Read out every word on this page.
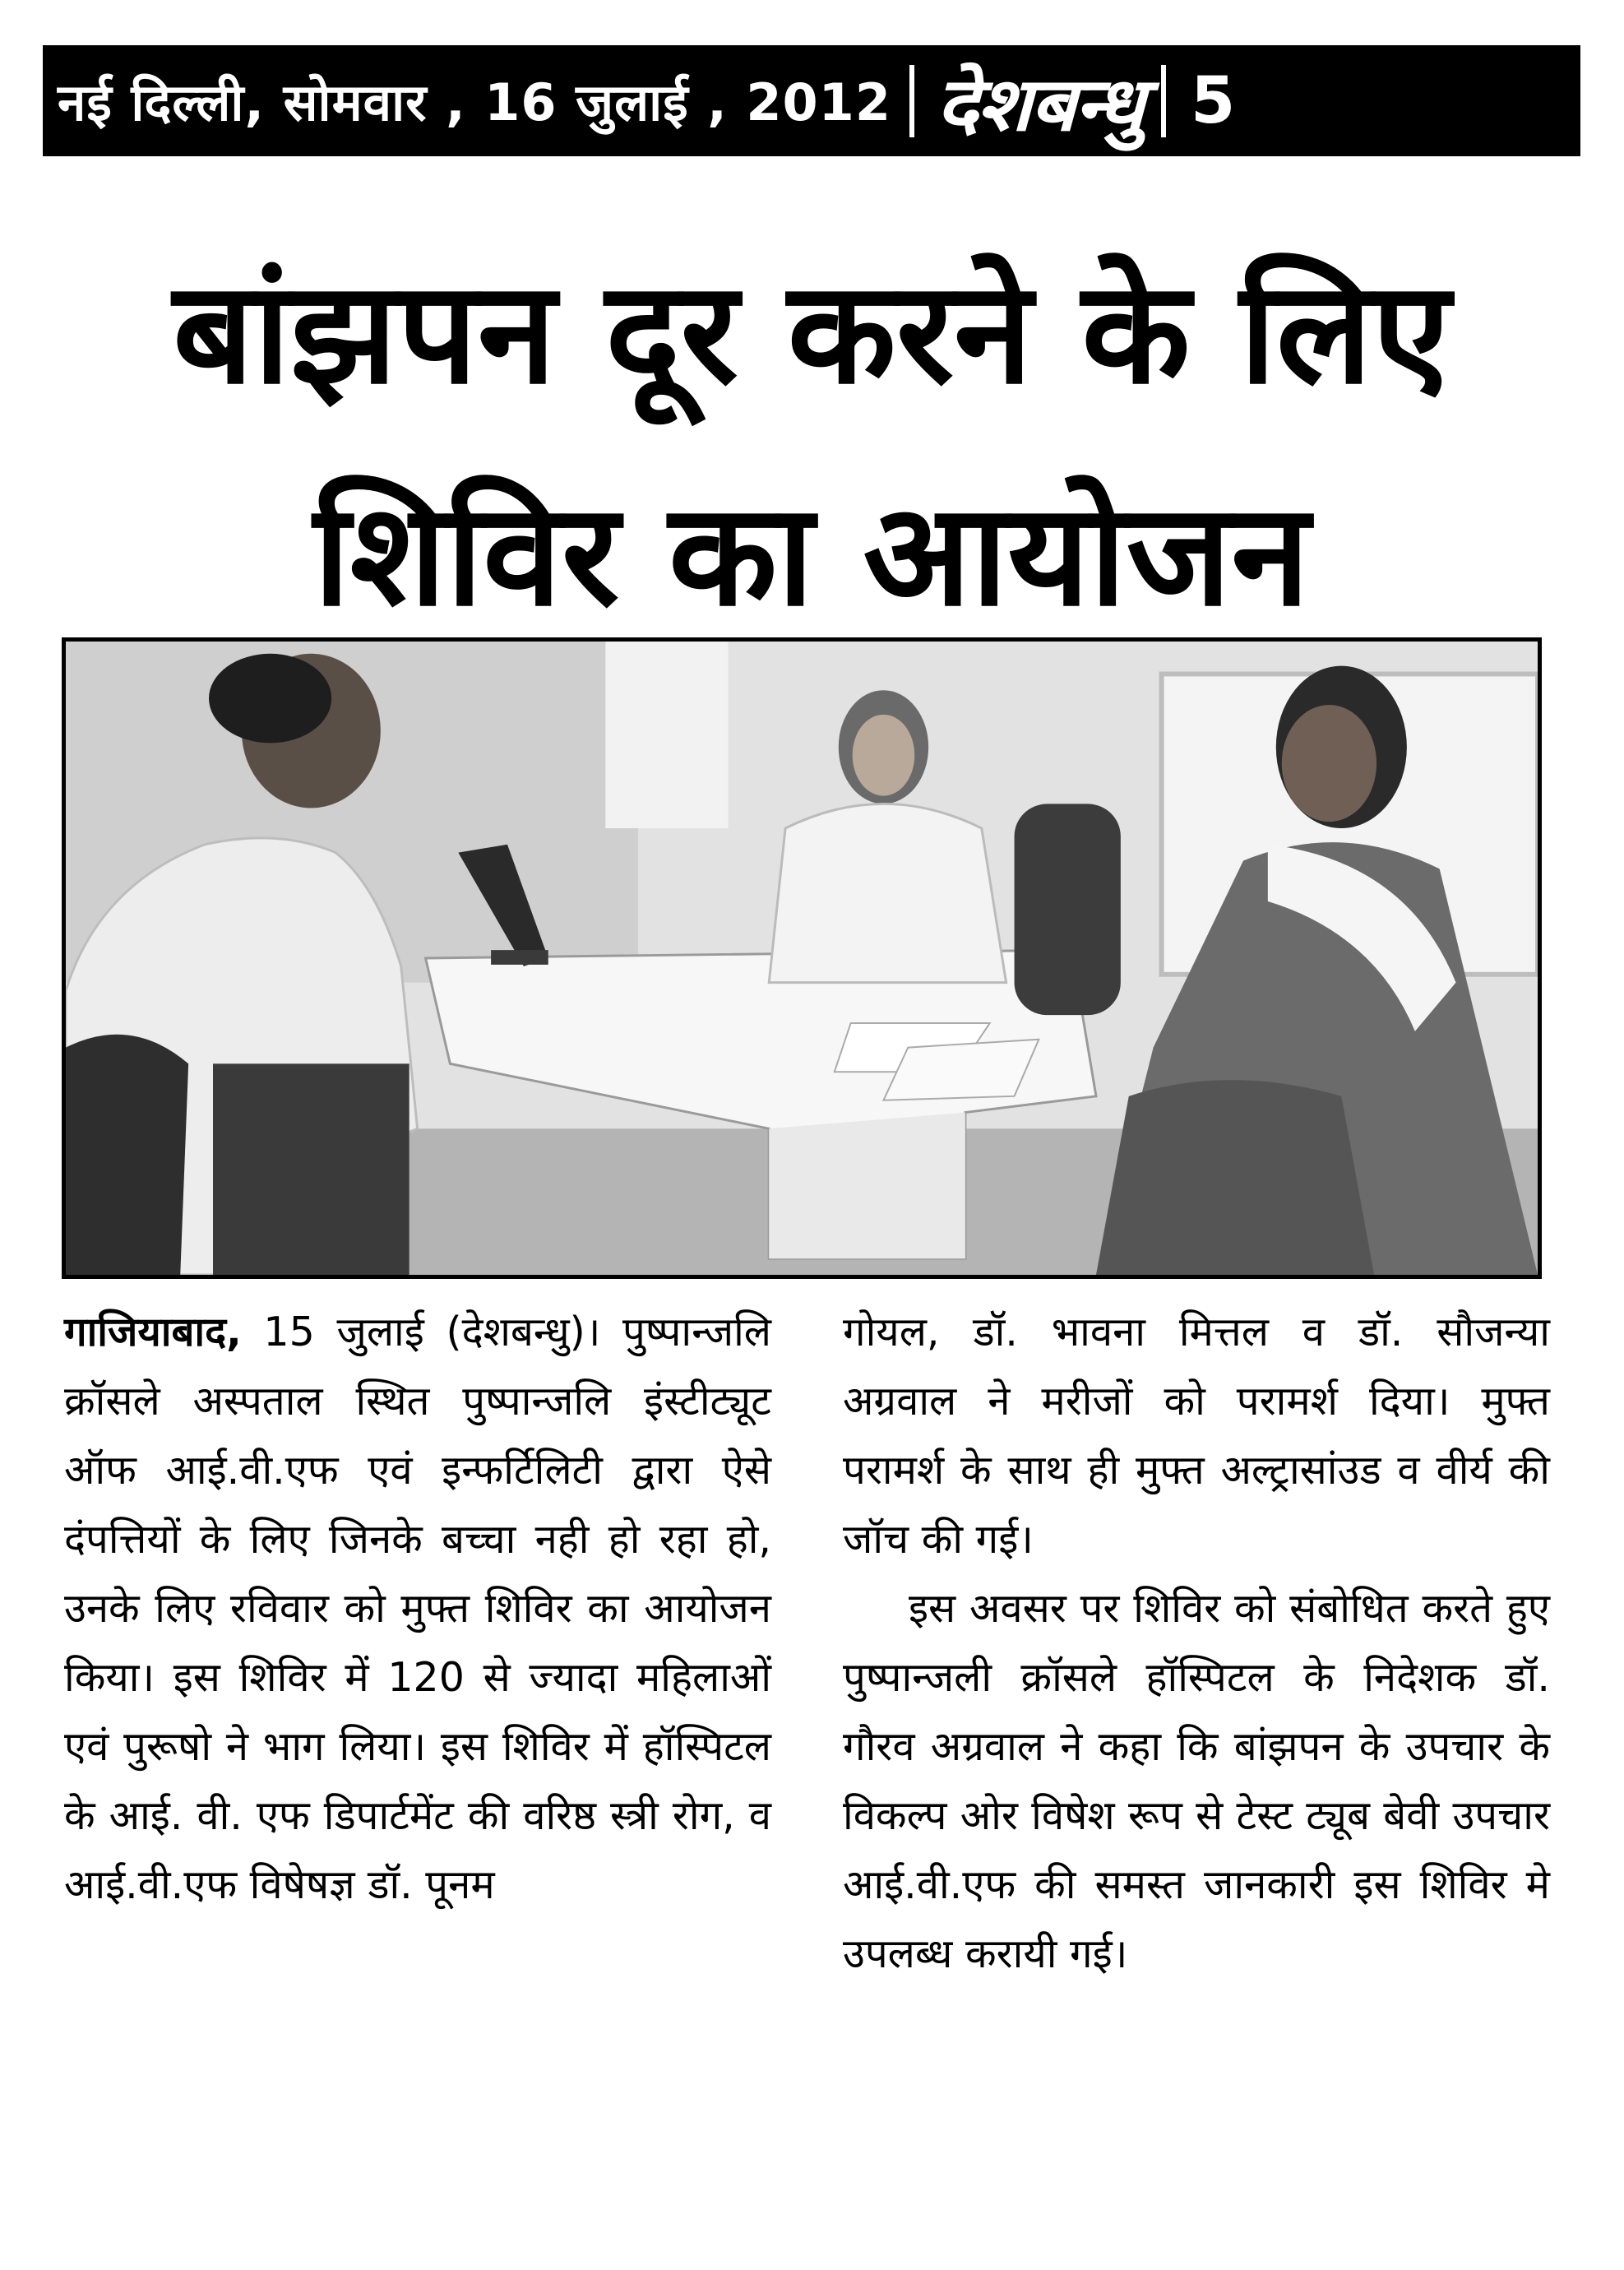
नई दिल्ली, सोमवार , 16 जुलाई , 2012 देशबन्धु 5
बांझपन दूर करने के लिए
शिविर का आयोजन

गाजियाबाद, 15 जुलाई (देशबन्धु)। पुष्पान्जलि क्रॉसले अस्पताल स्थित पुष्पान्जलि इंस्टीट्यूट ऑफ आई.वी.एफ एवं इन्फर्टिलिटी द्वारा ऐसे दंपत्तियों के लिए जिनके बच्चा नही हो रहा हो, उनके लिए रविवार को मुफ्त शिविर का आयोजन किया। इस शिविर में 120 से ज्यादा महिलाओं एवं पुरूषो ने भाग लिया। इस शिविर में हॉस्पिटल के आई. वी. एफ डिपार्टमेंट की वरिष्ठ स्त्री रोग, व आई.वी.एफ विषेषज्ञ डॉ. पूनम

गोयल, डॉ. भावना मित्तल व डॉ. सौजन्या अग्रवाल ने मरीजों को परामर्श दिया। मुफ्त परामर्श के साथ ही मुफ्त अल्ट्रासांउड व वीर्य की जॉच की गई।

इस अवसर पर शिविर को संबोधित करते हुए पुष्पान्जली क्रॉसले हॉस्पिटल के निदेशक डॉ. गौरव अग्रवाल ने कहा कि बांझपन के उपचार के विकल्प ओर विषेश रूप से टेस्ट ट्यूब बेवी उपचार आई.वी.एफ की समस्त जानकारी इस शिविर मे उपलब्ध करायी गई।
